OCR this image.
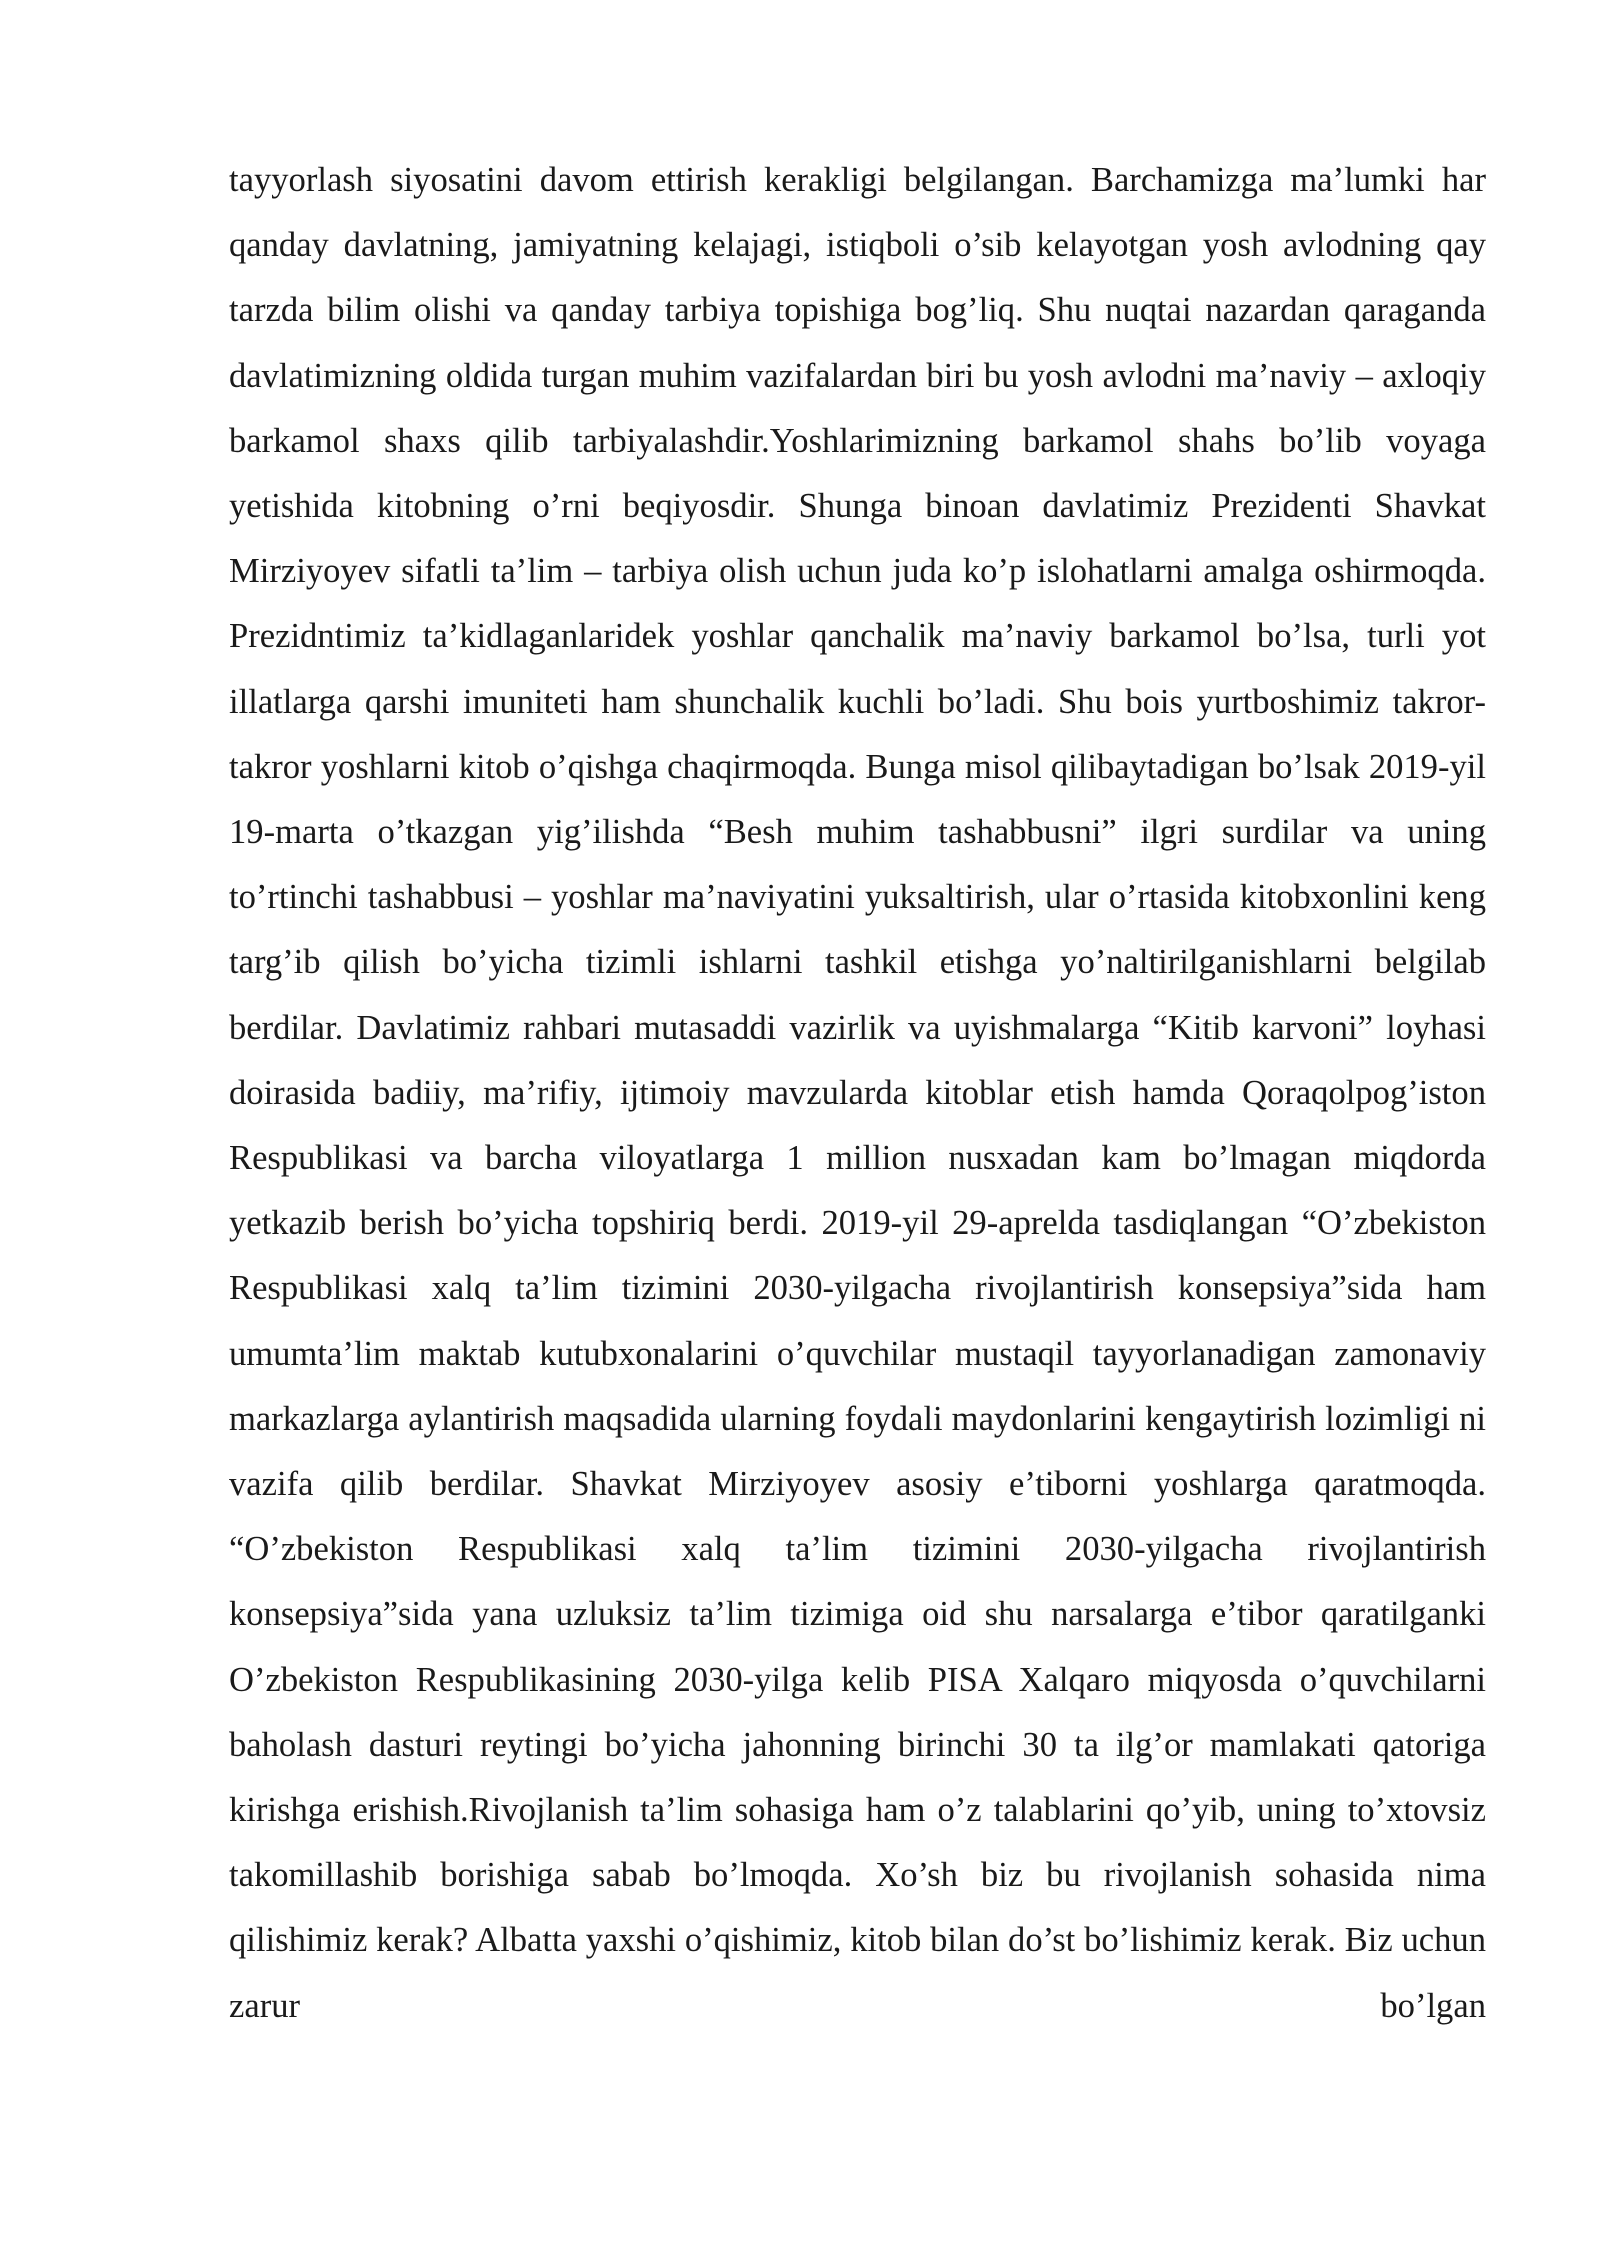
tayyorlash siyosatini davom ettirish kerakligi belgilangan. Barchamizga ma’lumki har qanday davlatning, jamiyatning kelajagi, istiqboli o’sib kelayotgan yosh avlodning qay tarzda bilim olishi va qanday tarbiya topishiga bog’liq. Shu nuqtai nazardan qaraganda davlatimizning oldida turgan muhim vazifalardan biri bu yosh avlodni ma’naviy – axloqiy barkamol shaxs qilib tarbiyalashdir.Yoshlarimizning barkamol shahs bo’lib voyaga yetishida kitobning o’rni beqiyosdir. Shunga binoan davlatimiz Prezidenti Shavkat Mirziyoyev sifatli ta’lim – tarbiya olish uchun juda ko’p islohatlarni amalga oshirmoqda. Prezidntimiz ta’kidlaganlaridek yoshlar qanchalik ma’naviy barkamol bo’lsa, turli yot illatlarga qarshi imuniteti ham shunchalik kuchli bo’ladi. Shu bois yurtboshimiz takror-takror yoshlarni kitob o’qishga chaqirmoqda. Bunga misol qilibaytadigan bo’lsak 2019-yil 19-marta o’tkazgan yig’ilishda “Besh muhim tashabbusni” ilgri surdilar va uning to’rtinchi tashabbusi – yoshlar ma’naviyatini yuksaltirish, ular o’rtasida kitobxonlini keng targ’ib qilish bo’yicha tizimli ishlarni tashkil etishga yo’naltirilganishlarni belgilab berdilar. Davlatimiz rahbari mutasaddi vazirlik va uyishmalarga “Kitib karvoni” loyhasi doirasida badiiy, ma’rifiy, ijtimoiy mavzularda kitoblar etish hamda Qoraqolpog’iston Respublikasi va barcha viloyatlarga 1 million nusxadan kam bo’lmagan miqdorda yetkazib berish bo’yicha topshiriq berdi. 2019-yil 29-aprelda tasdiqlangan “O’zbekiston Respublikasi xalq ta’lim tizimini 2030-yilgacha rivojlantirish konsepsiya”sida ham umumta’lim maktab kutubxonalarini o’quvchilar mustaqil tayyorlanadigan zamonaviy markazlarga aylantirish maqsadida ularning foydali maydonlarini kengaytirish lozimligi ni vazifa qilib berdilar. Shavkat Mirziyoyev asosiy e’tiborni yoshlarga qaratmoqda. “O’zbekiston Respublikasi xalq ta’lim tizimini 2030-yilgacha rivojlantirish konsepsiya”sida yana uzluksiz ta’lim tizimiga oid shu narsalarga e’tibor qaratilganki O’zbekiston Respublikasining 2030-yilga kelib PISA Xalqaro miqyosda o’quvchilarni baholash dasturi reytingi bo’yicha jahonning birinchi 30 ta ilg’or mamlakati qatoriga kirishga erishish.Rivojlanish ta’lim sohasiga ham o’z talablarini qo’yib, uning to’xtovsiz takomillashib borishiga sabab bo’lmoqda. Xo’sh biz bu rivojlanish sohasida nima qilishimiz kerak? Albatta yaxshi o’qishimiz, kitob bilan do’st bo’lishimiz kerak. Biz uchun zarur bo’lgan
